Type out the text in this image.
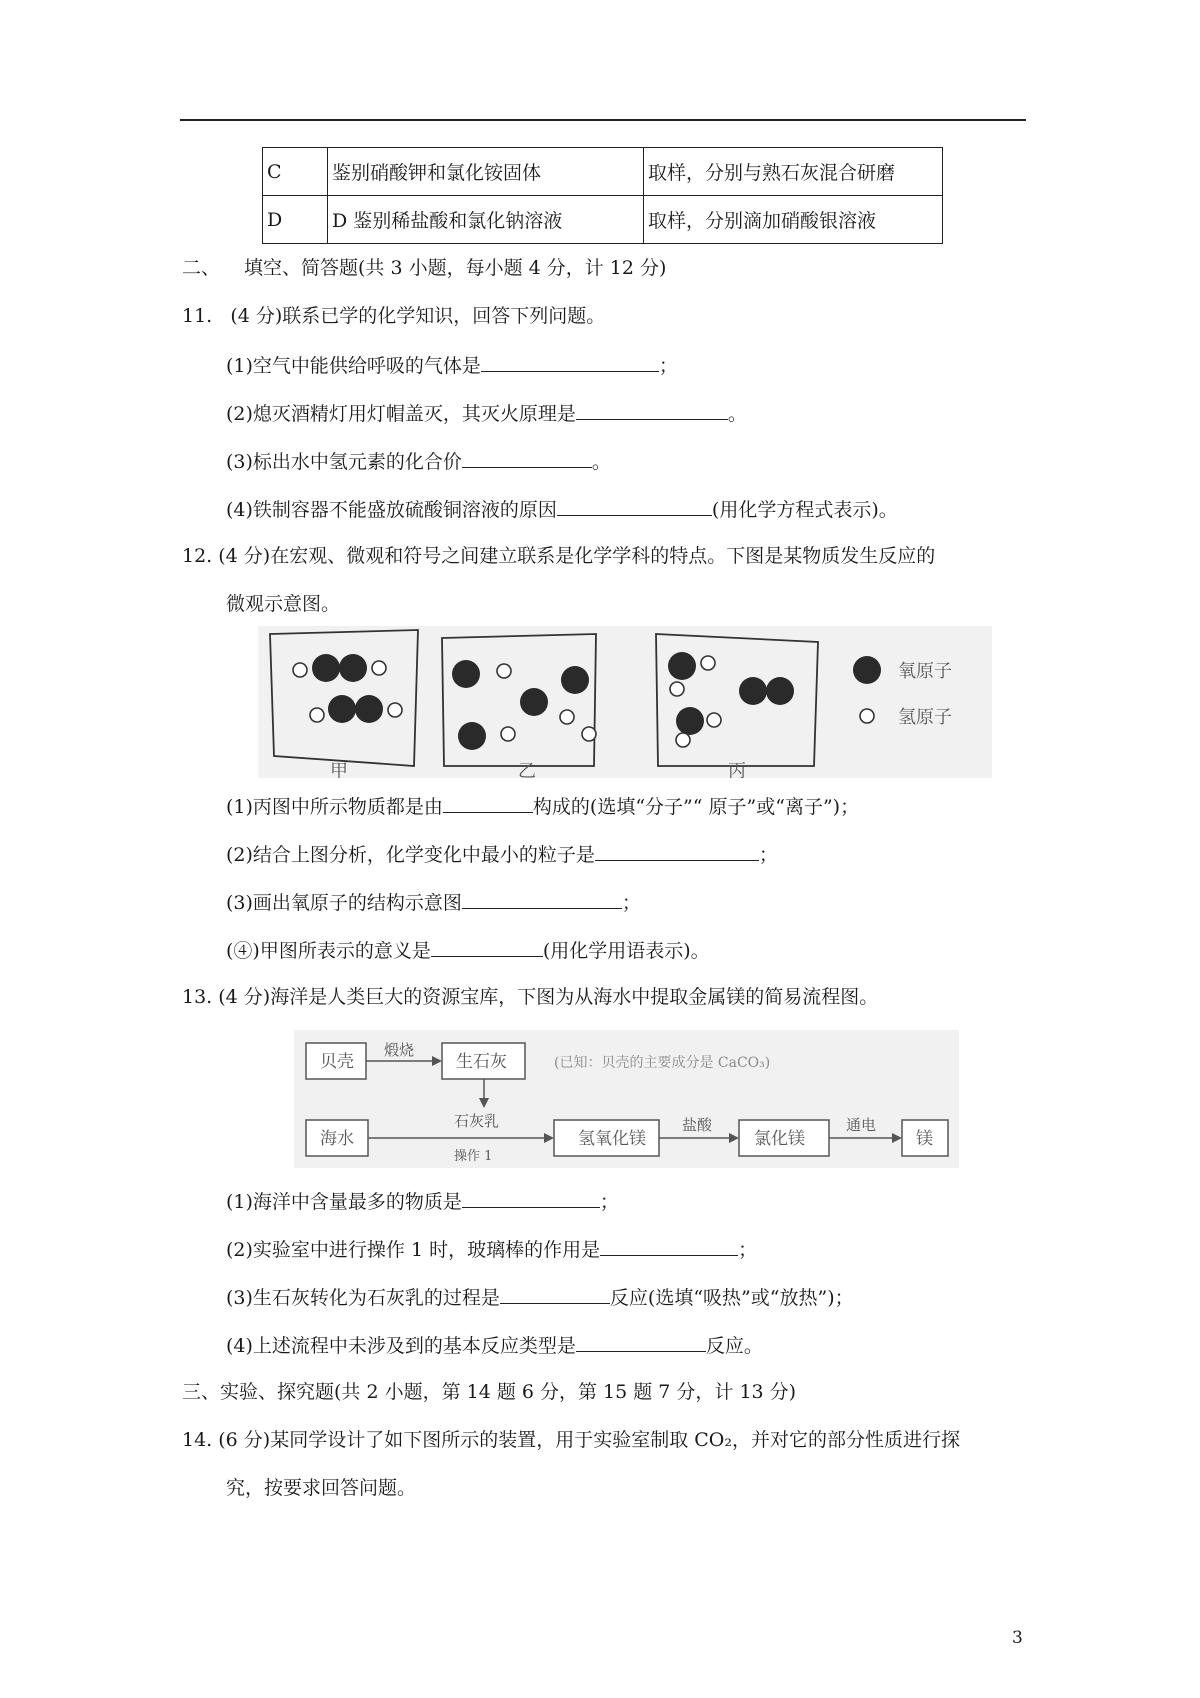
C	鉴别硝酸钾和氯化铵固体	取样，分别与熟石灰混合研磨
D	D 鉴别稀盐酸和氯化钠溶液	取样，分别滴加硝酸银溶液
二、 填空、简答题(共 3 小题，每小题 4 分，计 12 分)
11.   (4 分)联系已学的化学知识，回答下列问题。
(1)空气中能供给呼吸的气体是	；
(2)熄灭酒精灯用灯帽盖灭，其灭火原理是	。
(3)标出水中氢元素的化合价	。
(4)铁制容器不能盛放硫酸铜溶液的原因	(用化学方程式表示)。
12. (4 分)在宏观、微观和符号之间建立联系是化学学科的特点。下图是某物质发生反应的
微观示意图。
氧原子
氢原子
甲	乙	丙
(1)丙图中所示物质都是由	构成的(选填“分子”“ 原子”或“离子”)；
(2)结合上图分析，化学变化中最小的粒子是	；
(3)画出氧原子的结构示意图	；
(④)甲图所表示的意义是	(用化学用语表示)。
13. (4 分)海洋是人类巨大的资源宝库，下图为从海水中提取金属镁的简易流程图。
贝壳
煅烧
生石灰	(已知：贝壳的主要成分是 CaCO₃)
海水
石灰乳
操作 1
氢氧化镁
盐酸
氯化镁
通电
镁
(1)海洋中含量最多的物质是	；
(2)实验室中进行操作 1 时，玻璃棒的作用是	；
(3)生石灰转化为石灰乳的过程是	反应(选填“吸热”或“放热”)；
(4)上述流程中未涉及到的基本反应类型是	反应。
三、实验、探究题(共 2 小题，第 14 题 6 分，第 15 题 7 分，计 13 分)
14. (6 分)某同学设计了如下图所示的装置，用于实验室制取 CO₂，并对它的部分性质进行探
究，按要求回答问题。
3
